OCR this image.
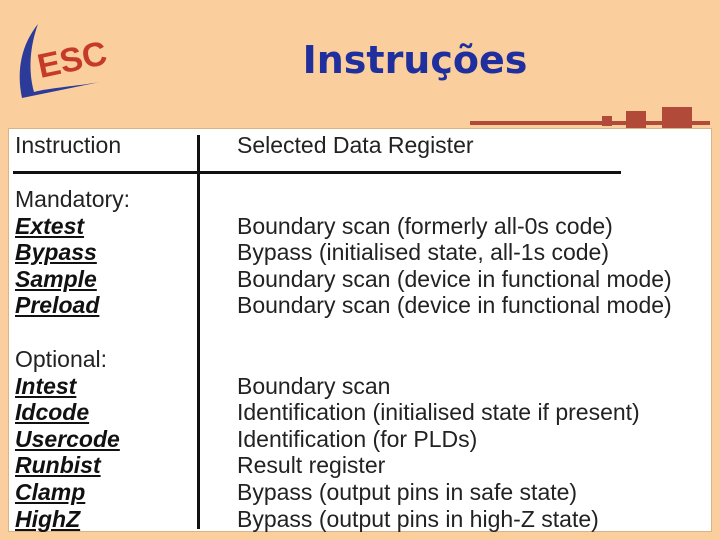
ESC	Instruções
Instruction	Selected Data Register
Mandatory:
Extest	Boundary scan (formerly all-0s code)
Bypass	Bypass (initialised state, all-1s code)
Sample	Boundary scan (device in functional mode)
Preload	Boundary scan (device in functional mode)
Optional:
Intest	Boundary scan
Idcode	Identification (initialised state if present)
Usercode	Identification (for PLDs)
Runbist	Result register
Clamp	Bypass (output pins in safe state)
HighZ	Bypass (output pins in high-Z state)
